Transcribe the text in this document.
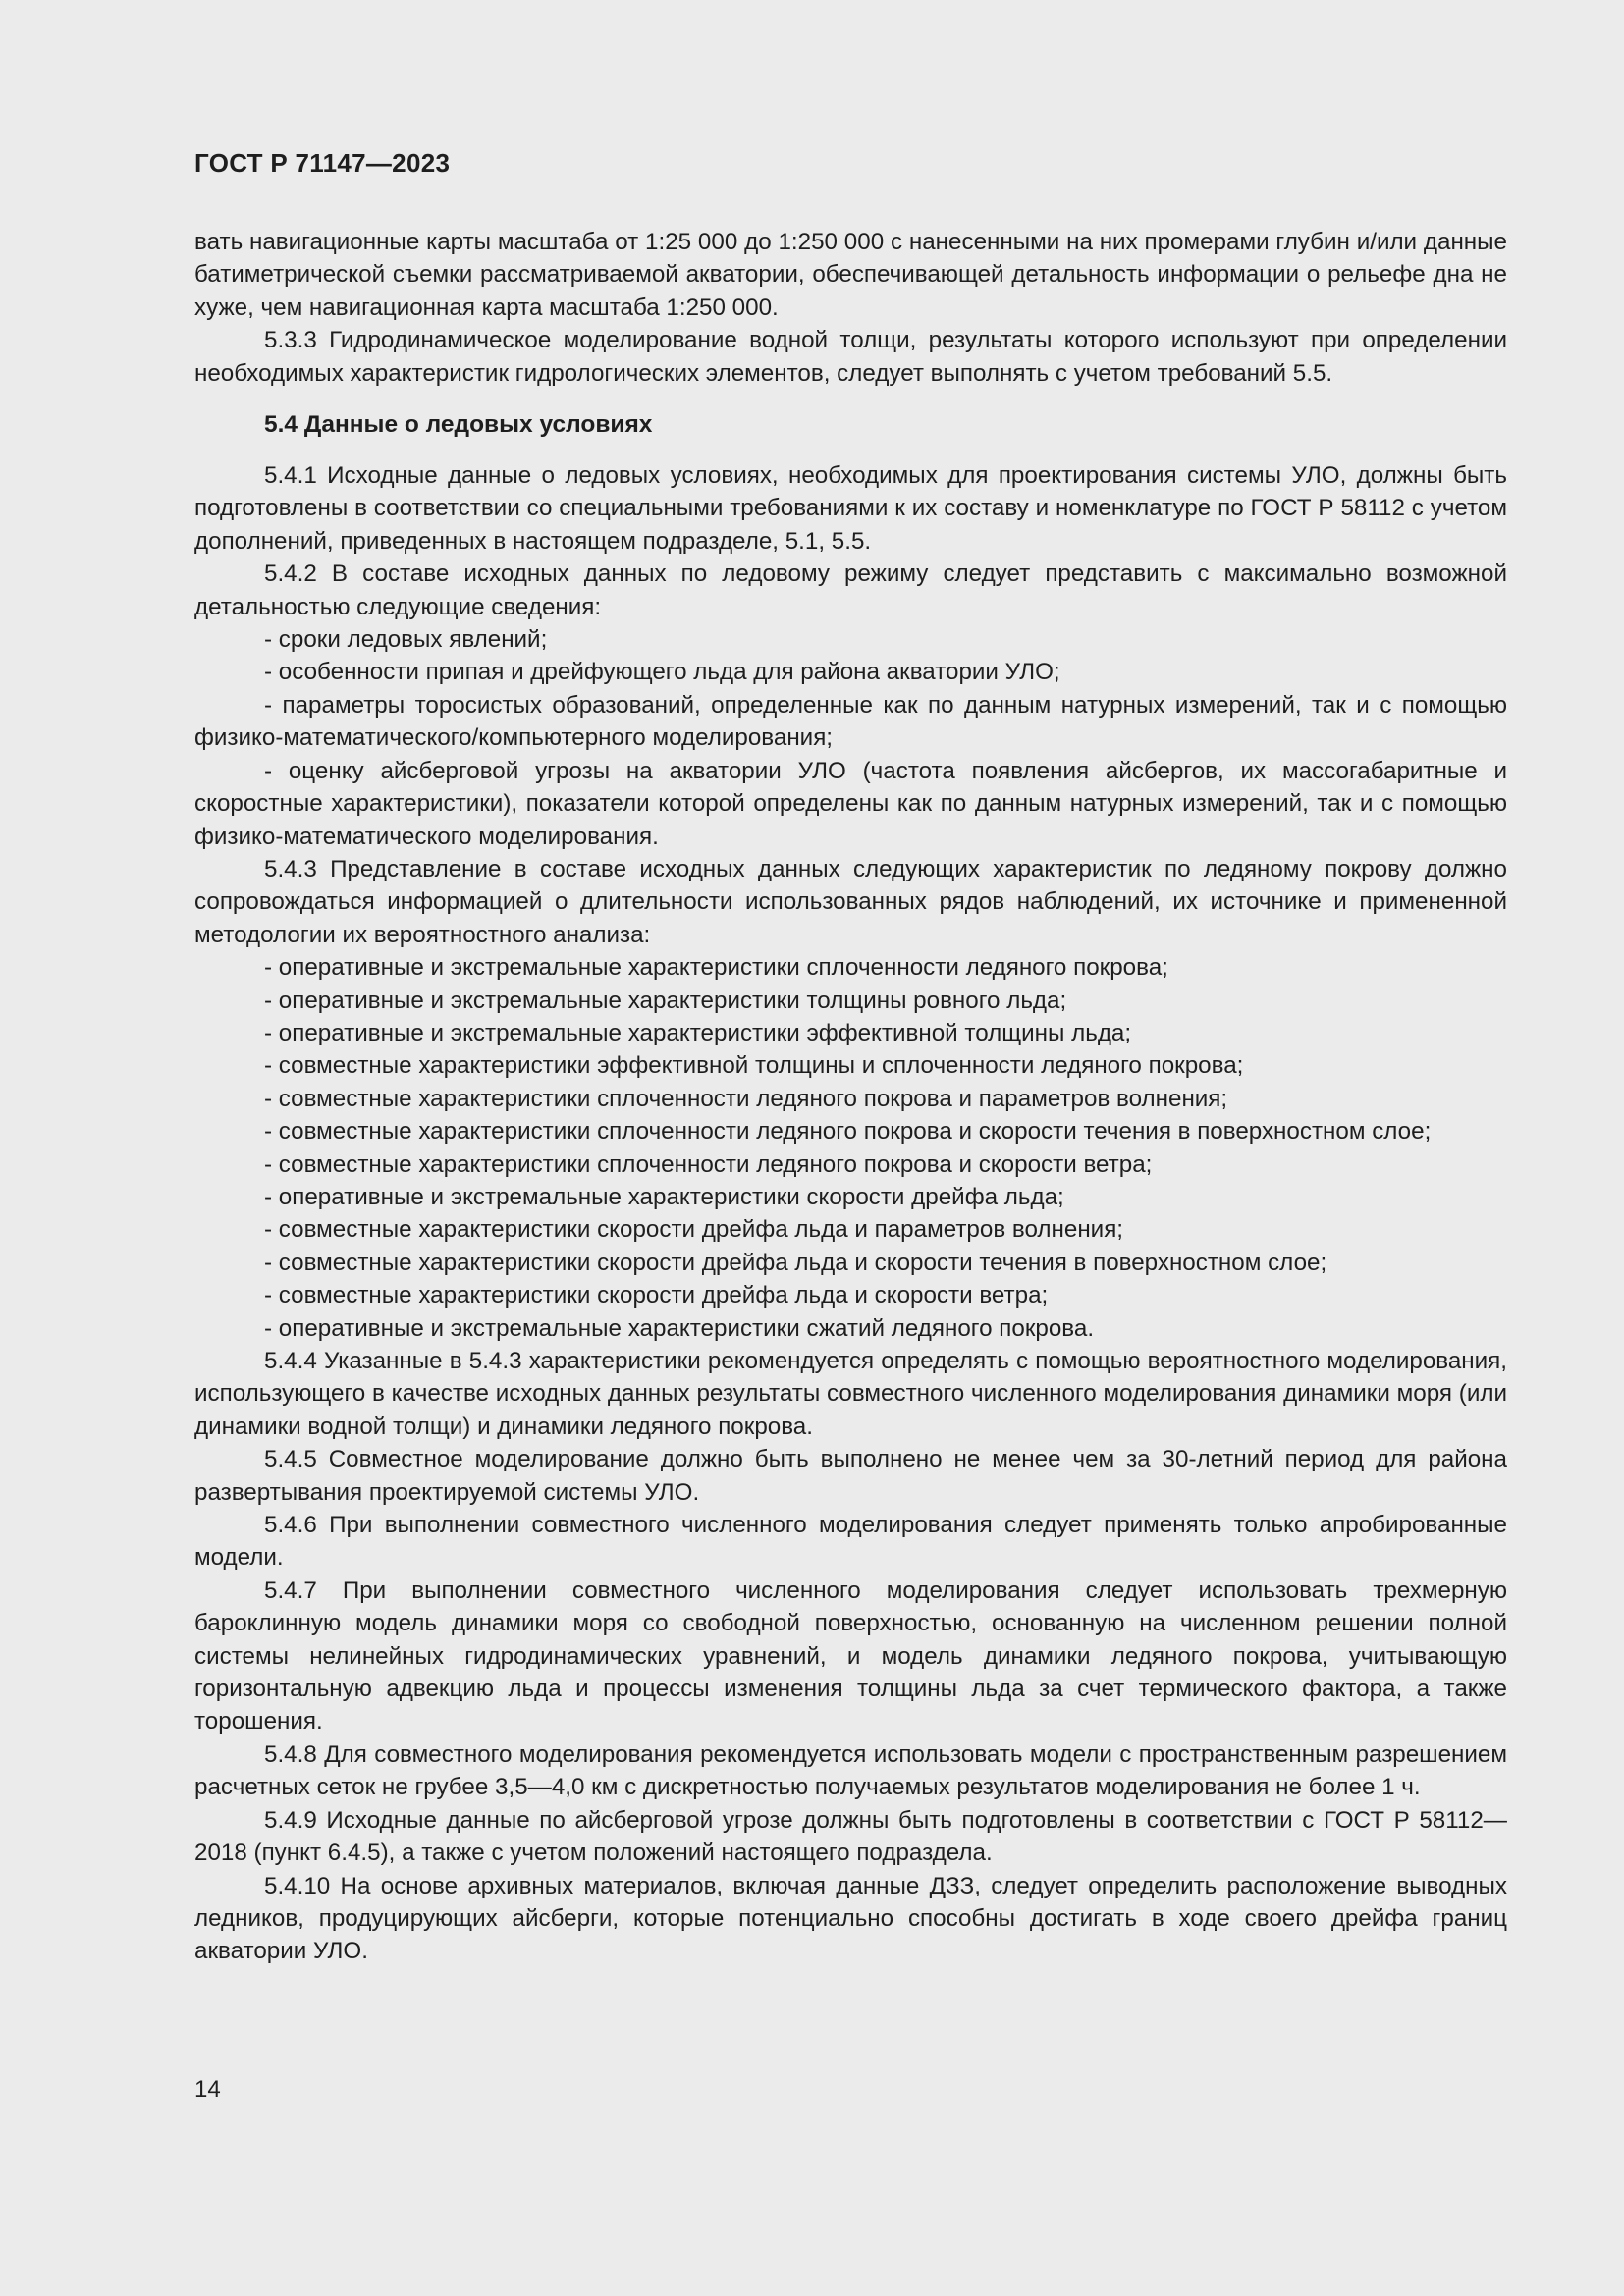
ГОСТ Р 71147—2023
вать навигационные карты масштаба от 1:25 000 до 1:250 000 с нанесенными на них промерами глубин и/или данные батиметрической съемки рассматриваемой акватории, обеспечивающей детальность информации о рельефе дна не хуже, чем навигационная карта масштаба 1:250 000.
5.3.3 Гидродинамическое моделирование водной толщи, результаты которого используют при определении необходимых характеристик гидрологических элементов, следует выполнять с учетом требований 5.5.
5.4 Данные о ледовых условиях
5.4.1 Исходные данные о ледовых условиях, необходимых для проектирования системы УЛО, должны быть подготовлены в соответствии со специальными требованиями к их составу и номенклатуре по ГОСТ Р 58112 с учетом дополнений, приведенных в настоящем подразделе, 5.1, 5.5.
5.4.2 В составе исходных данных по ледовому режиму следует представить с максимально возможной детальностью следующие сведения:
- сроки ледовых явлений;
- особенности припая и дрейфующего льда для района акватории УЛО;
- параметры торосистых образований, определенные как по данным натурных измерений, так и с помощью физико-математического/компьютерного моделирования;
- оценку айсберговой угрозы на акватории УЛО (частота появления айсбергов, их массогабаритные и скоростные характеристики), показатели которой определены как по данным натурных измерений, так и с помощью физико-математического моделирования.
5.4.3 Представление в составе исходных данных следующих характеристик по ледяному покрову должно сопровождаться информацией о длительности использованных рядов наблюдений, их источнике и примененной методологии их вероятностного анализа:
- оперативные и экстремальные характеристики сплоченности ледяного покрова;
- оперативные и экстремальные характеристики толщины ровного льда;
- оперативные и экстремальные характеристики эффективной толщины льда;
- совместные характеристики эффективной толщины и сплоченности ледяного покрова;
- совместные характеристики сплоченности ледяного покрова и параметров волнения;
- совместные характеристики сплоченности ледяного покрова и скорости течения в поверхностном слое;
- совместные характеристики сплоченности ледяного покрова и скорости ветра;
- оперативные и экстремальные характеристики скорости дрейфа льда;
- совместные характеристики скорости дрейфа льда и параметров волнения;
- совместные характеристики скорости дрейфа льда и скорости течения в поверхностном слое;
- совместные характеристики скорости дрейфа льда и скорости ветра;
- оперативные и экстремальные характеристики сжатий ледяного покрова.
5.4.4 Указанные в 5.4.3 характеристики рекомендуется определять с помощью вероятностного моделирования, использующего в качестве исходных данных результаты совместного численного моделирования динамики моря (или динамики водной толщи) и динамики ледяного покрова.
5.4.5 Совместное моделирование должно быть выполнено не менее чем за 30-летний период для района развертывания проектируемой системы УЛО.
5.4.6 При выполнении совместного численного моделирования следует применять только апробированные модели.
5.4.7 При выполнении совместного численного моделирования следует использовать трехмерную бароклинную модель динамики моря со свободной поверхностью, основанную на численном решении полной системы нелинейных гидродинамических уравнений, и модель динамики ледяного покрова, учитывающую горизонтальную адвекцию льда и процессы изменения толщины льда за счет термического фактора, а также торошения.
5.4.8 Для совместного моделирования рекомендуется использовать модели с пространственным разрешением расчетных сеток не грубее 3,5—4,0 км с дискретностью получаемых результатов моделирования не более 1 ч.
5.4.9 Исходные данные по айсберговой угрозе должны быть подготовлены в соответствии с ГОСТ Р 58112—2018 (пункт 6.4.5), а также с учетом положений настоящего подраздела.
5.4.10 На основе архивных материалов, включая данные ДЗЗ, следует определить расположение выводных ледников, продуцирующих айсберги, которые потенциально способны достигать в ходе своего дрейфа границ акватории УЛО.
14
